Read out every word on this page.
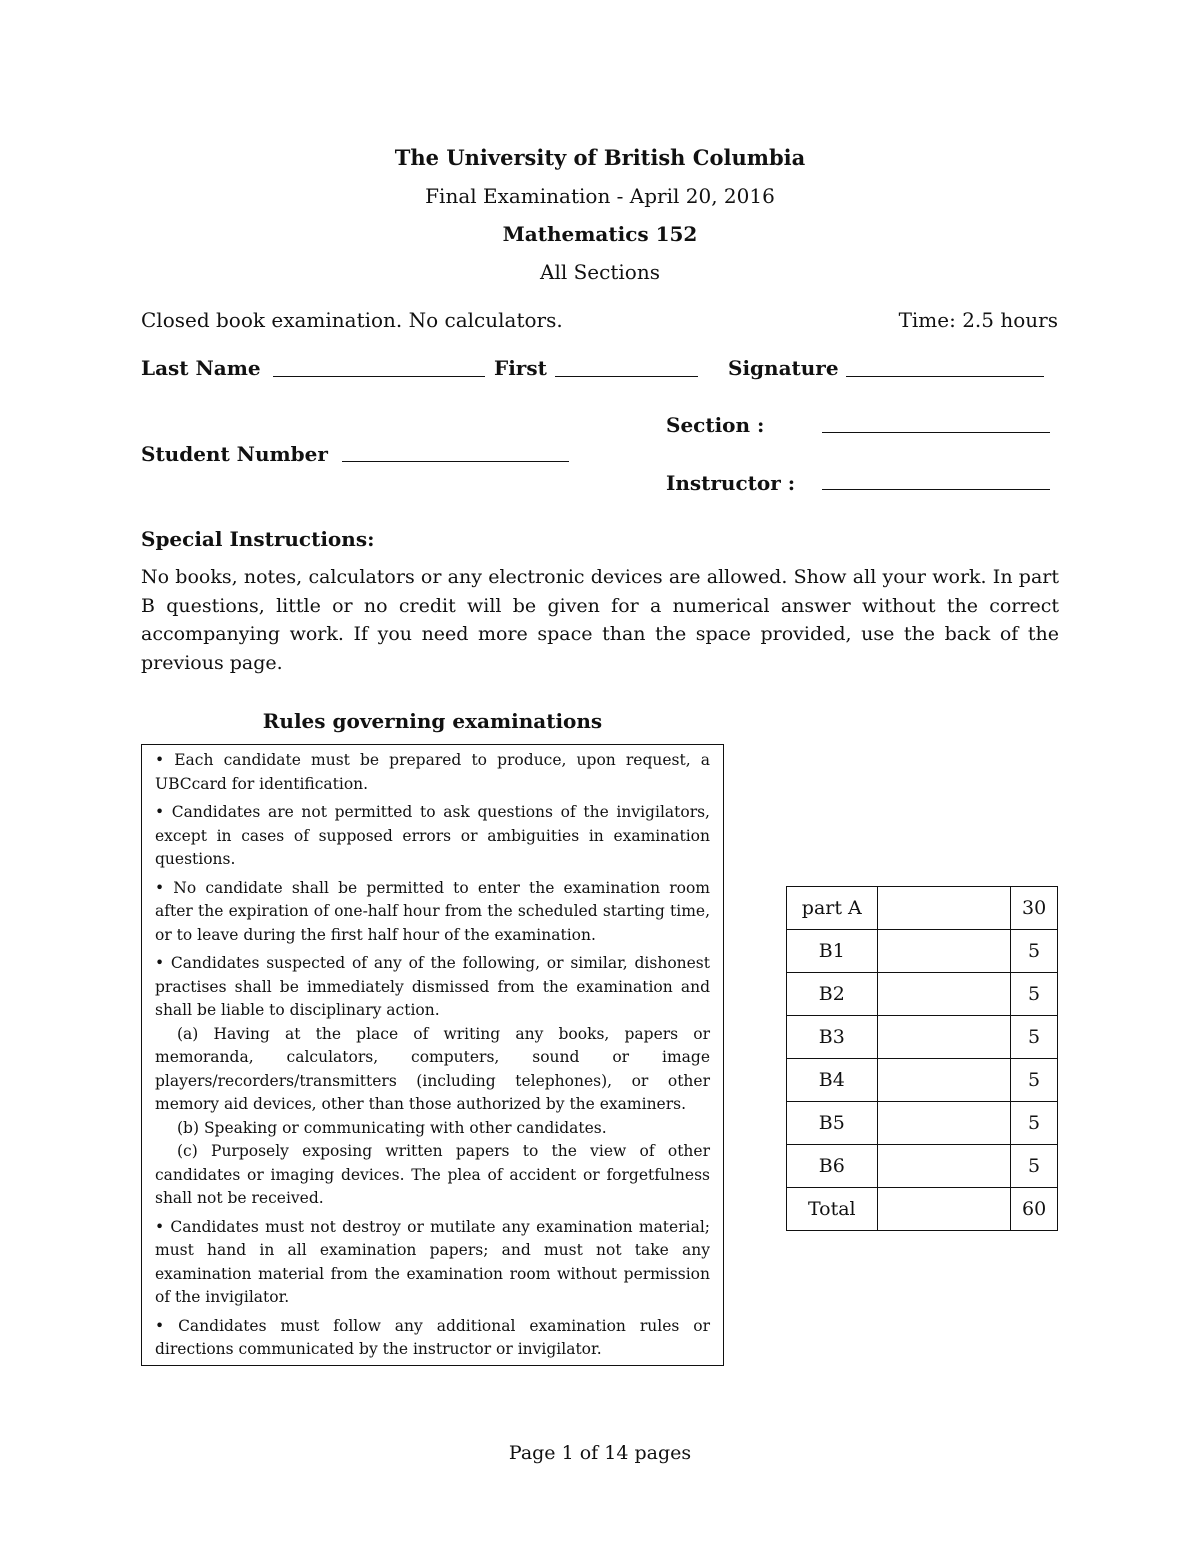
The University of British Columbia
Final Examination - April 20, 2016
Mathematics 152
All Sections
Closed book examination. No calculators.	Time: 2.5 hours
Last Name	First	Signature
Section :
Student Number
Instructor :
Special Instructions:
No books, notes, calculators or any electronic devices are allowed. Show all your work. In part B questions, little or no credit will be given for a numerical answer without the correct accompanying work. If you need more space than the space provided, use the back of the previous page.
Rules governing examinations

• Each candidate must be prepared to produce, upon request, a UBCcard for identification.

• Candidates are not permitted to ask questions of the invigilators, except in cases of supposed errors or ambiguities in examination questions.

• No candidate shall be permitted to enter the examination room after the expiration of one-half hour from the scheduled starting time, or to leave during the first half hour of the examination.

• Candidates suspected of any of the following, or similar, dishonest practises shall be immediately dismissed from the examination and shall be liable to disciplinary action.

(a) Having at the place of writing any books, papers or memoranda, calculators, computers, sound or image players/recorders/transmitters (including telephones), or other memory aid devices, other than those authorized by the examiners.

(b) Speaking or communicating with other candidates.

(c) Purposely exposing written papers to the view of other candidates or imaging devices. The plea of accident or forgetfulness shall not be received.

• Candidates must not destroy or mutilate any examination material; must hand in all examination papers; and must not take any examination material from the examination room without permission of the invigilator.

• Candidates must follow any additional examination rules or directions communicated by the instructor or invigilator.

part A		30
B1		5
B2		5
B3		5
B4		5
B5		5
B6		5
Total		60
Page 1 of 14 pages
